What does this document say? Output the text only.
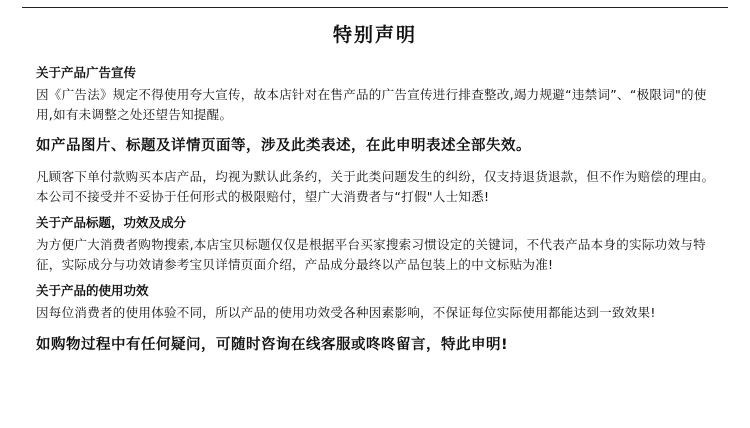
特别声明

关于产品广告宣传

因《广告法》规定不得使用夸大宣传，故本店针对在售产品的广告宣传进行排查整改,竭力规避“违禁词”、“极限词"的使用,如有未调整之处还望告知提醒。

如产品图片、标题及详情页面等，涉及此类表述，在此申明表述全部失效。

凡顾客下单付款购买本店产品，均视为默认此条约，关于此类问题发生的纠纷，仅支持退货退款，但不作为赔偿的理由。本公司不接受并不妥协于任何形式的极限赔付，望广大消费者与“打假"人士知悉!

关于产品标题，功效及成分

为方便广大消费者购物搜索,本店宝贝标题仅仅是根据平台买家搜索习惯设定的关键词，不代表产品本身的实际功效与特征，实际成分与功效请参考宝贝详情页面介绍，产品成分最终以产品包装上的中文标贴为准!

关于产品的使用功效

因每位消费者的使用体验不同，所以产品的使用功效受各种因素影响，不保证每位实际使用都能达到一致效果!

如购物过程中有任何疑问，可随时咨询在线客服或咚咚留言，特此申明!
